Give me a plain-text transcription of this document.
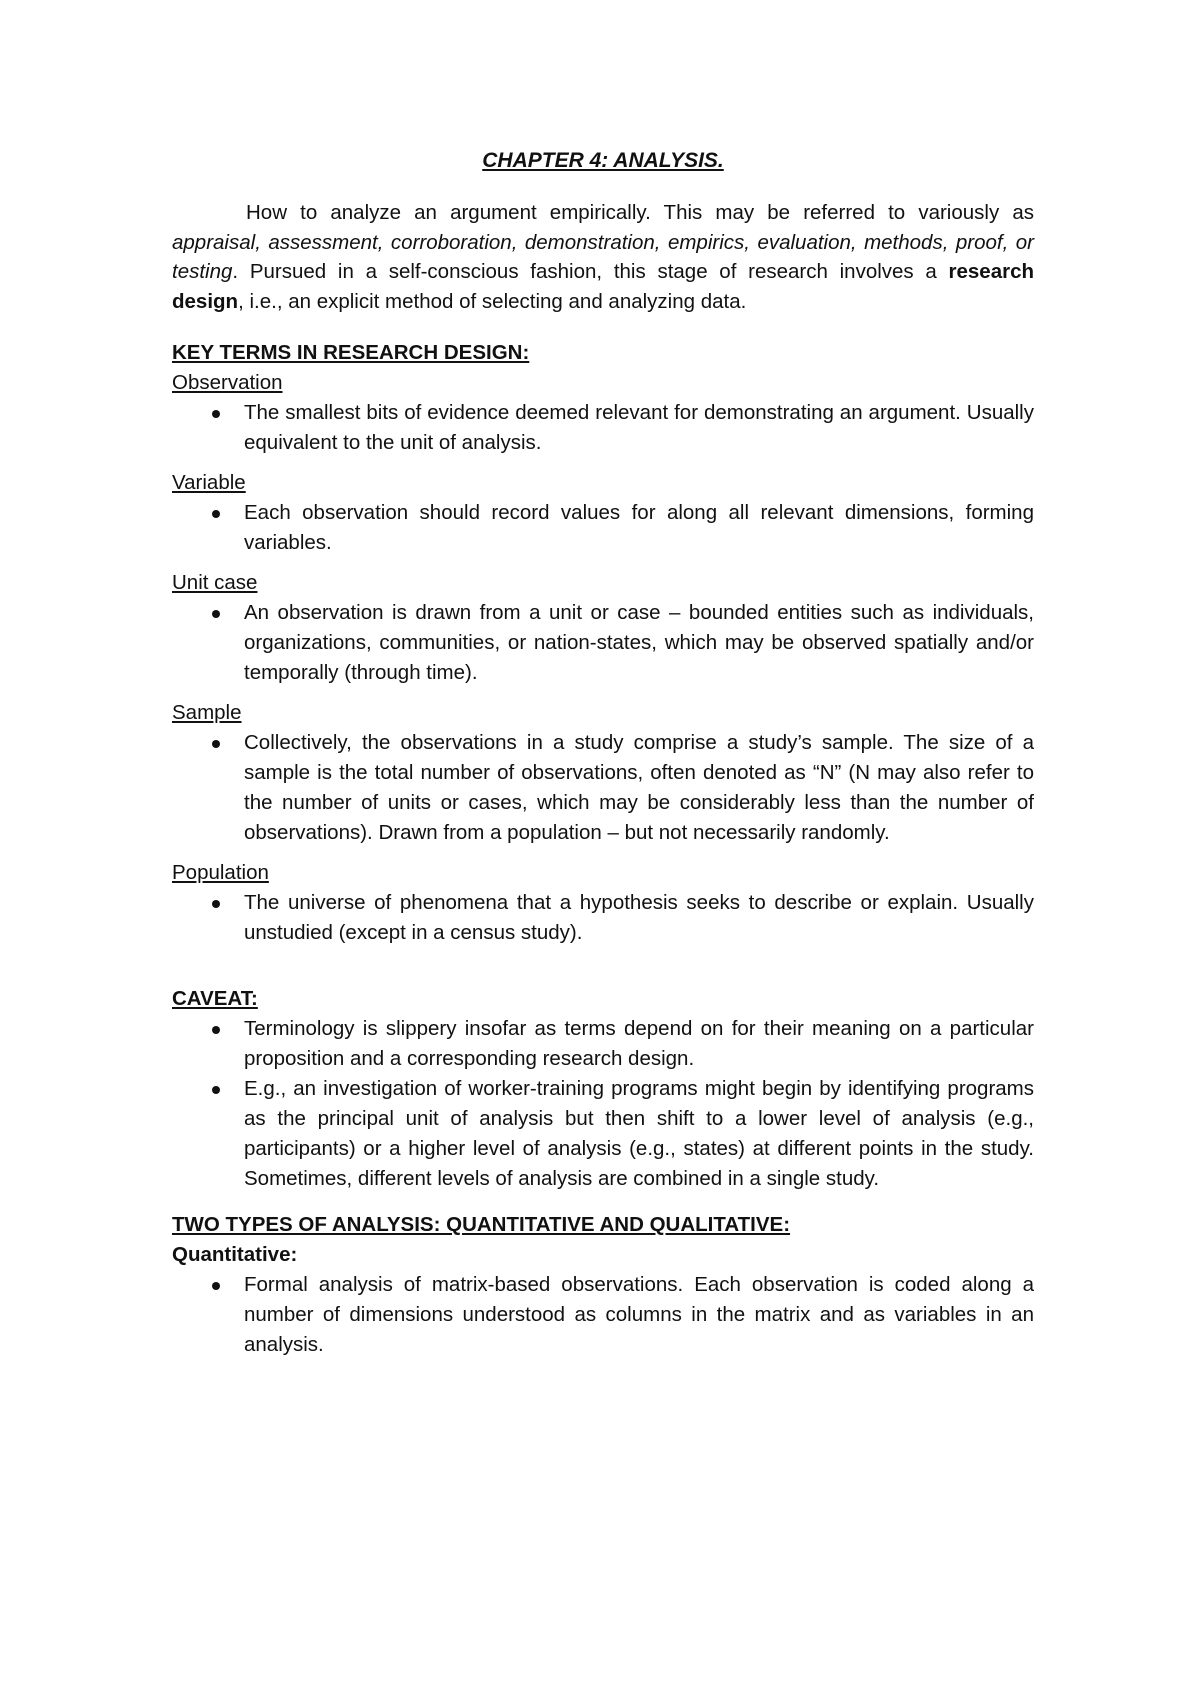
CHAPTER 4: ANALYSIS.

How to analyze an argument empirically. This may be referred to variously as appraisal, assessment, corroboration, demonstration, empirics, evaluation, methods, proof, or testing. Pursued in a self-conscious fashion, this stage of research involves a research design, i.e., an explicit method of selecting and analyzing data.

KEY TERMS IN RESEARCH DESIGN:

Observation

The smallest bits of evidence deemed relevant for demonstrating an argument. Usually equivalent to the unit of analysis.

Variable

Each observation should record values for along all relevant dimensions, forming variables.

Unit case

An observation is drawn from a unit or case – bounded entities such as individuals, organizations, communities, or nation-states, which may be observed spatially and/or temporally (through time).

Sample

Collectively, the observations in a study comprise a study’s sample. The size of a sample is the total number of observations, often denoted as “N” (N may also refer to the number of units or cases, which may be considerably less than the number of observations). Drawn from a population – but not necessarily randomly.

Population

The universe of phenomena that a hypothesis seeks to describe or explain. Usually unstudied (except in a census study).

CAVEAT:

Terminology is slippery insofar as terms depend on for their meaning on a particular proposition and a corresponding research design.
E.g., an investigation of worker-training programs might begin by identifying programs as the principal unit of analysis but then shift to a lower level of analysis (e.g., participants) or a higher level of analysis (e.g., states) at different points in the study. Sometimes, different levels of analysis are combined in a single study.

TWO TYPES OF ANALYSIS: QUANTITATIVE AND QUALITATIVE:

Quantitative:

Formal analysis of matrix-based observations. Each observation is coded along a number of dimensions understood as columns in the matrix and as variables in an analysis.
